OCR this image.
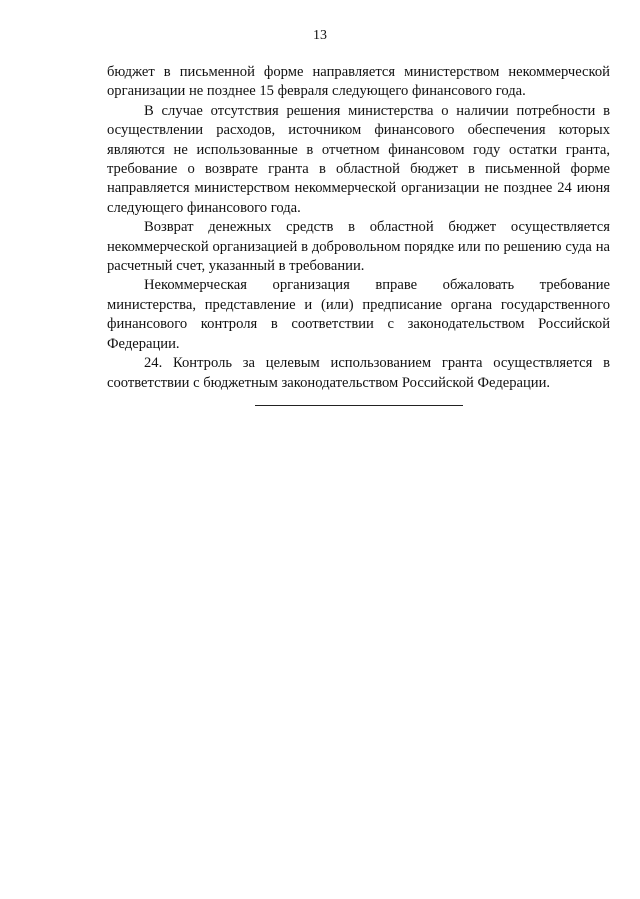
13

бюджет в письменной форме направляется министерством некоммерческой организации не позднее 15 февраля следующего финансового года.

В случае отсутствия решения министерства о наличии потребности в осуществлении расходов, источником финансового обеспечения которых являются не использованные в отчетном финансовом году остатки гранта, требование о возврате гранта в областной бюджет в письменной форме направляется министерством некоммерческой организации не позднее 24 июня следующего финансового года.

Возврат денежных средств в областной бюджет осуществляется некоммерческой организацией в добровольном порядке или по решению суда на расчетный счет, указанный в требовании.

Некоммерческая организация вправе обжаловать требование министерства, представление и (или) предписание органа государственного финансового контроля в соответствии с законодательством Российской Федерации.

24. Контроль за целевым использованием гранта осуществляется в соответствии с бюджетным законодательством Российской Федерации.
